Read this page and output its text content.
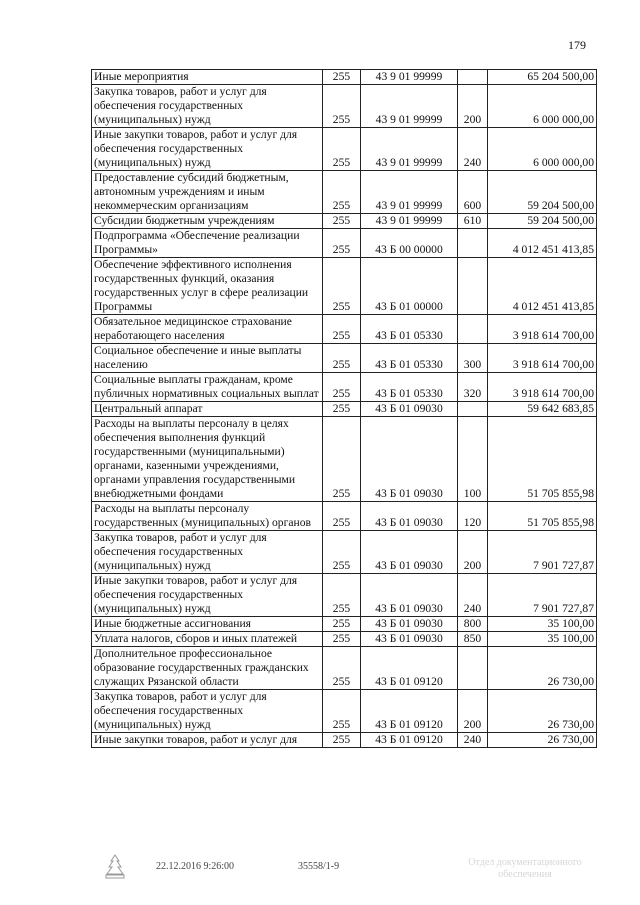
179
Иные мероприятия	255	43 9 01 99999		65 204 500,00
Закупка товаров, работ и услуг для обеспечения государственных (муниципальных) нужд	255	43 9 01 99999	200	6 000 000,00
Иные закупки товаров, работ и услуг для обеспечения государственных (муниципальных) нужд	255	43 9 01 99999	240	6 000 000,00
Предоставление субсидий бюджетным, автономным учреждениям и иным некоммерческим организациям	255	43 9 01 99999	600	59 204 500,00
Субсидии бюджетным учреждениям	255	43 9 01 99999	610	59 204 500,00
Подпрограмма «Обеспечение реализации Программы»	255	43 Б 00 00000		4 012 451 413,85
Обеспечение эффективного исполнения государственных функций, оказания государственных услуг в сфере реализации Программы	255	43 Б 01 00000		4 012 451 413,85
Обязательное медицинское страхование неработающего населения	255	43 Б 01 05330		3 918 614 700,00
Социальное обеспечение и иные выплаты населению	255	43 Б 01 05330	300	3 918 614 700,00
Социальные выплаты гражданам, кроме публичных нормативных социальных выплат	255	43 Б 01 05330	320	3 918 614 700,00
Центральный аппарат	255	43 Б 01 09030		59 642 683,85
Расходы на выплаты персоналу в целях обеспечения выполнения функций государственными (муниципальными) органами, казенными учреждениями, органами управления государственными внебюджетными фондами	255	43 Б 01 09030	100	51 705 855,98
Расходы на выплаты персоналу государственных (муниципальных) органов	255	43 Б 01 09030	120	51 705 855,98
Закупка товаров, работ и услуг для обеспечения государственных (муниципальных) нужд	255	43 Б 01 09030	200	7 901 727,87
Иные закупки товаров, работ и услуг для обеспечения государственных (муниципальных) нужд	255	43 Б 01 09030	240	7 901 727,87
Иные бюджетные ассигнования	255	43 Б 01 09030	800	35 100,00
Уплата налогов, сборов и иных платежей	255	43 Б 01 09030	850	35 100,00
Дополнительное профессиональное образование государственных гражданских служащих Рязанской области	255	43 Б 01 09120		26 730,00
Закупка товаров, работ и услуг для обеспечения государственных (муниципальных) нужд	255	43 Б 01 09120	200	26 730,00
Иные закупки товаров, работ и услуг для	255	43 Б 01 09120	240	26 730,00
22.12.2016 9:26:00	35558/1-9	Отдел документационного обеспечения
